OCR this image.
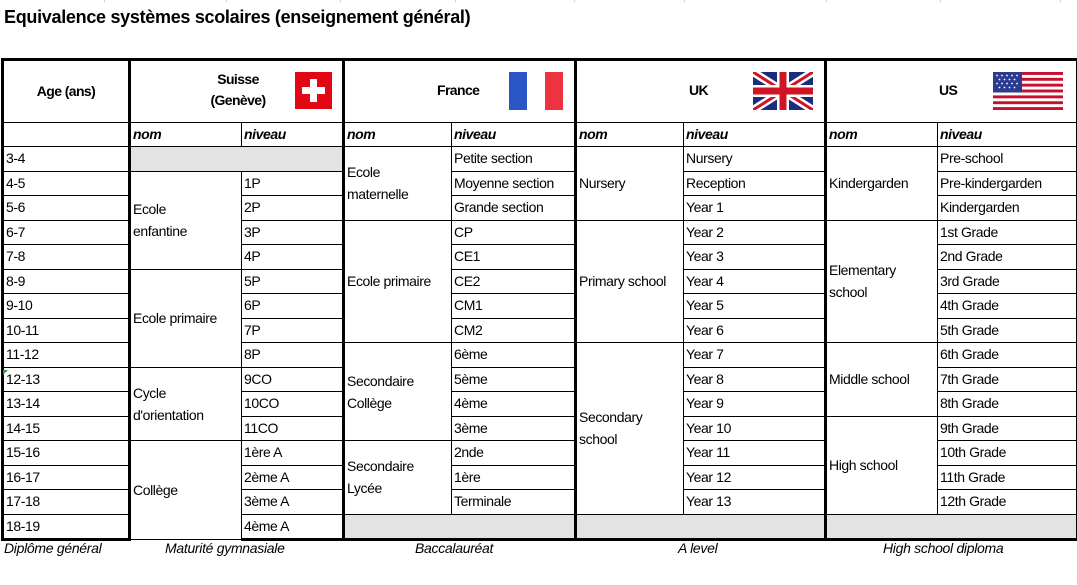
Equivalence systèmes scolaires (enseignement général)
Age (ans)	Suisse
(Genève)		France		UK		US	

	nom	niveau	nom	niveau	nom	niveau	nom	niveau
3-4			Ecole maternelle	Petite section	Nursery	Nursery	Kindergarden	Pre-school
4-5	Ecole enfantine	1P		Moyenne section		Reception		Pre-kindergarden
5-6		2P		Grande section		Year 1		Kindergarden
6-7		3P	Ecole primaire	CP	Primary school	Year 2	Elementary school	1st Grade
7-8		4P		CE1		Year 3		2nd Grade
8-9	Ecole primaire	5P		CE2		Year 4		3rd Grade
9-10		6P		CM1		Year 5		4th Grade
10-11		7P		CM2		Year 6		5th Grade
11-12		8P	Secondaire Collège	6ème	Secondary school	Year 7	Middle school	6th Grade
12-13	Cycle d'orientation	9CO		5ème		Year 8		7th Grade
13-14		10CO		4ème		Year 9		8th Grade
14-15		11CO		3ème		Year 10	High school	9th Grade
15-16	Collège	1ère A	Secondaire Lycée	2nde		Year 11		10th Grade
16-17		2ème A		1ère		Year 12		11th Grade
17-18		3ème A		Terminale		Year 13		12th Grade
18-19		4ème A						
Diplôme général	Maturité gymnasiale	Baccalauréat	A level	High school diploma
